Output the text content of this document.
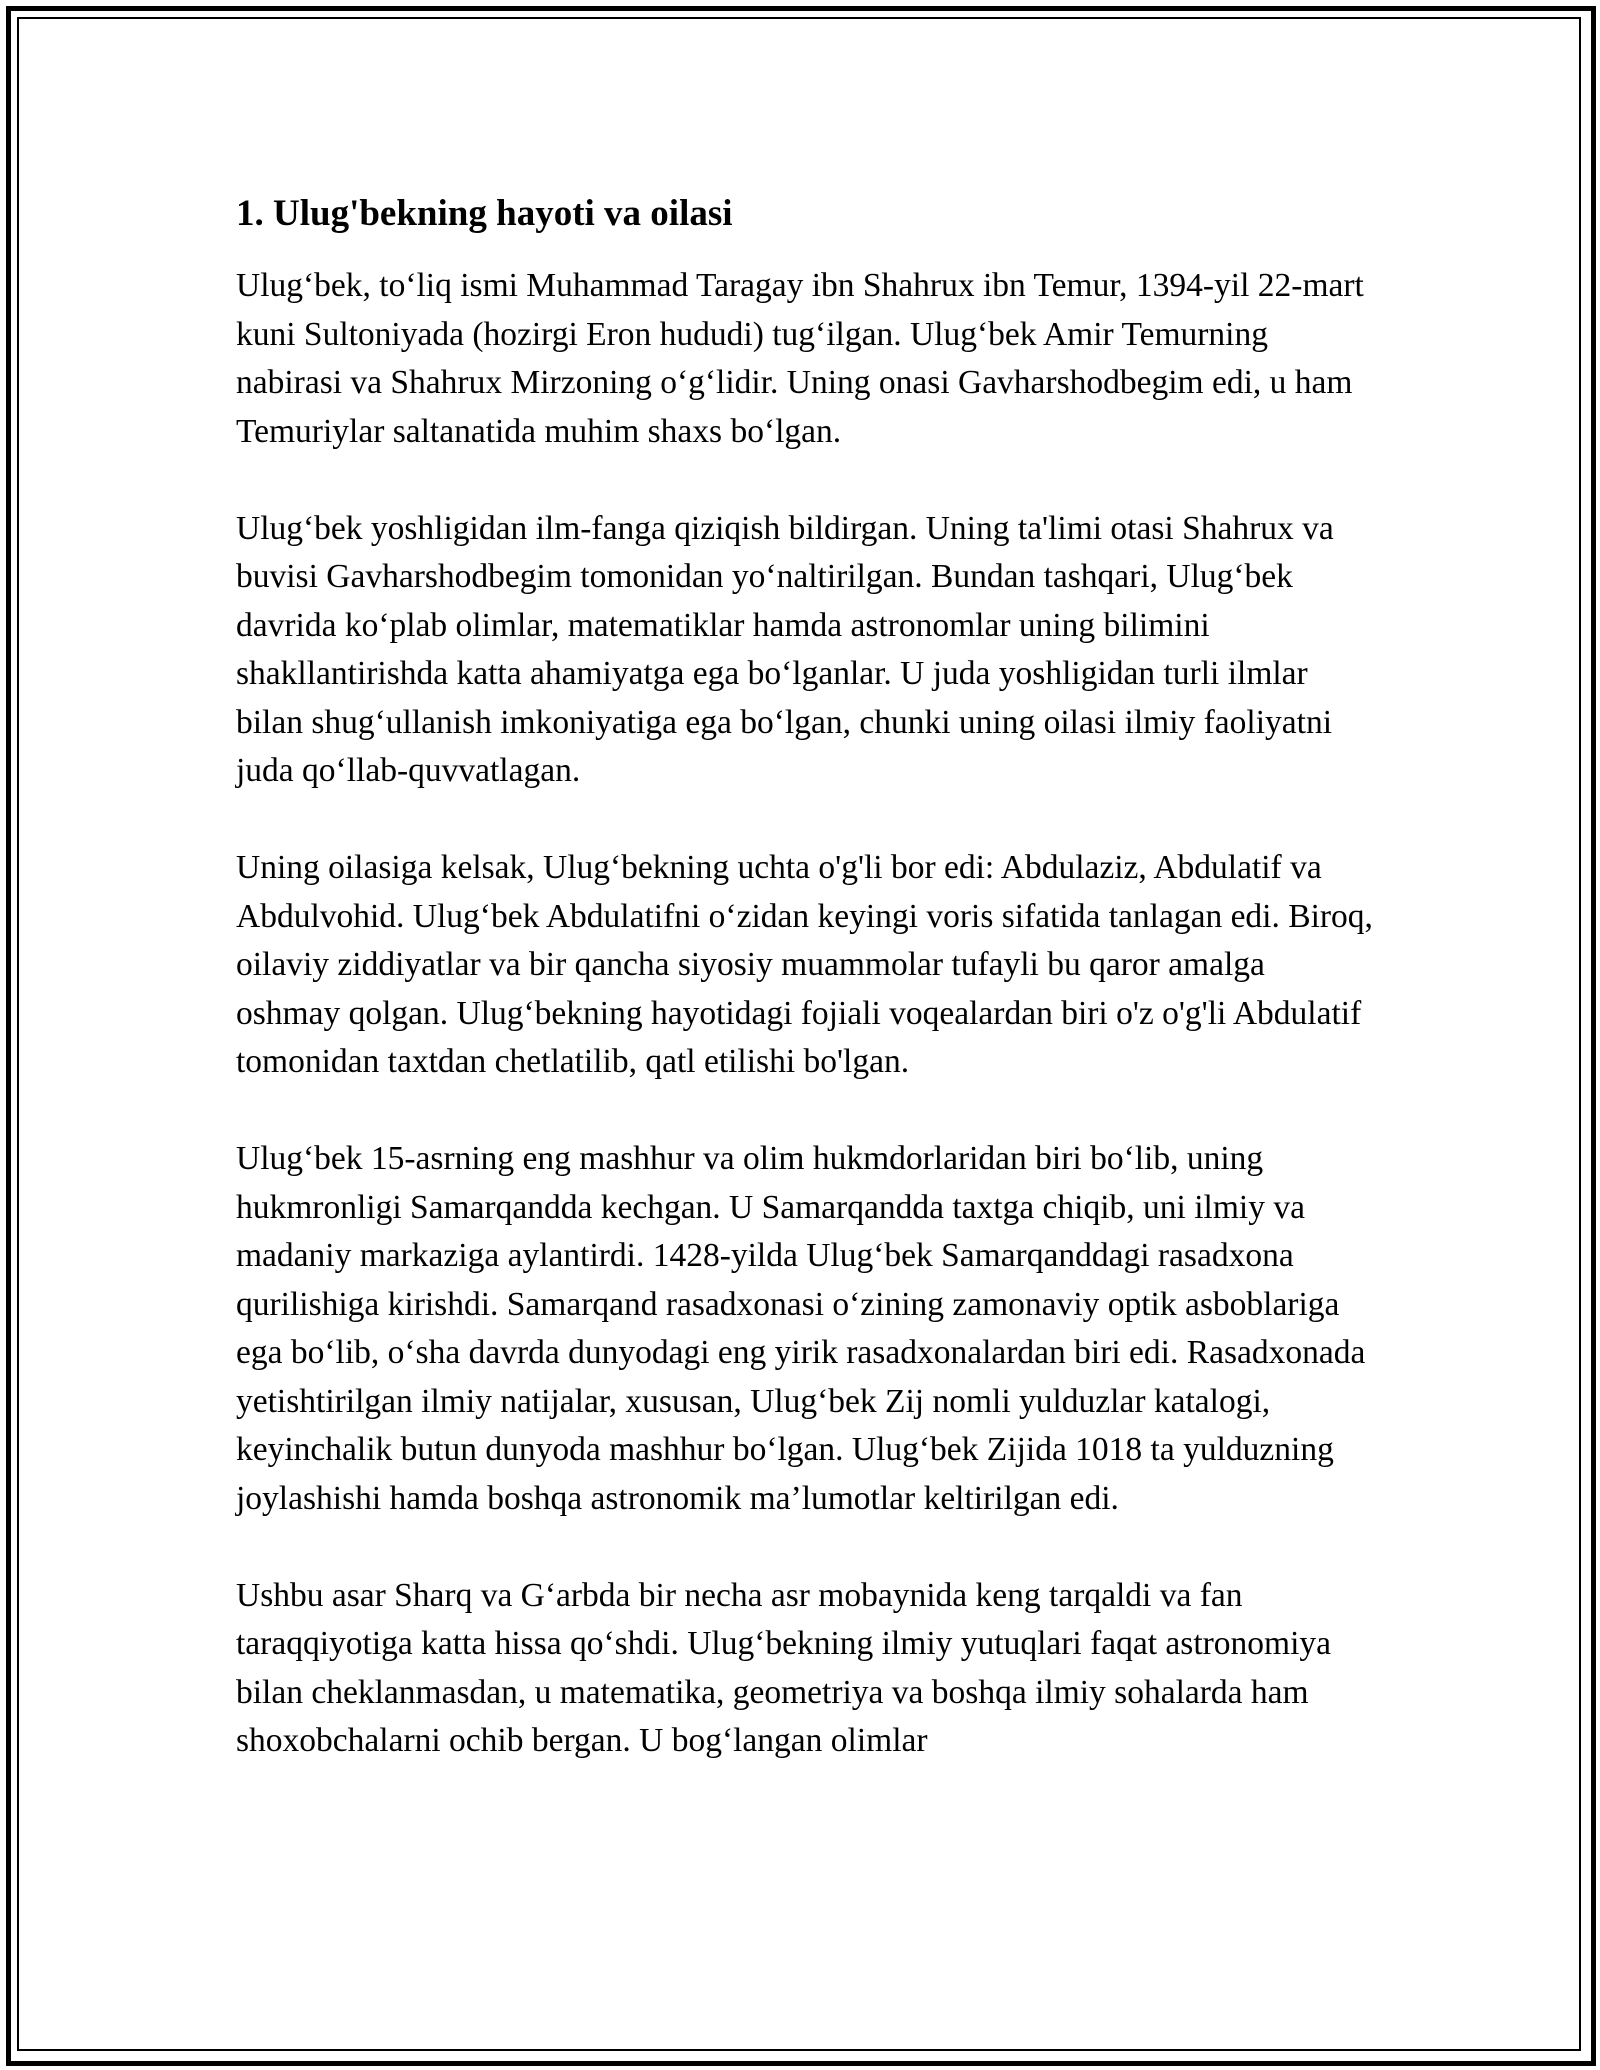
1. Ulug'bekning hayoti va oilasi

Ulug‘bek, to‘liq ismi Muhammad Taragay ibn Shahrux ibn Temur, 1394-yil 22-mart kuni Sultoniyada (hozirgi Eron hududi) tug‘ilgan. Ulug‘bek Amir Temurning nabirasi va Shahrux Mirzoning o‘g‘lidir. Uning onasi Gavharshodbegim edi, u ham Temuriylar saltanatida muhim shaxs bo‘lgan.

Ulug‘bek yoshligidan ilm-fanga qiziqish bildirgan. Uning ta'limi otasi Shahrux va buvisi Gavharshodbegim tomonidan yo‘naltirilgan. Bundan tashqari, Ulug‘bek davrida ko‘plab olimlar, matematiklar hamda astronomlar uning bilimini shakllantirishda katta ahamiyatga ega bo‘lganlar. U juda yoshligidan turli ilmlar bilan shug‘ullanish imkoniyatiga ega bo‘lgan, chunki uning oilasi ilmiy faoliyatni juda qo‘llab-quvvatlagan.

Uning oilasiga kelsak, Ulug‘bekning uchta o'g'li bor edi: Abdulaziz, Abdulatif va Abdulvohid. Ulug‘bek Abdulatifni o‘zidan keyingi voris sifatida tanlagan edi. Biroq, oilaviy ziddiyatlar va bir qancha siyosiy muammolar tufayli bu qaror amalga oshmay qolgan. Ulug‘bekning hayotidagi fojiali voqealardan biri o'z o'g'li Abdulatif tomonidan taxtdan chetlatilib, qatl etilishi bo'lgan.

Ulug‘bek 15-asrning eng mashhur va olim hukmdorlaridan biri bo‘lib, uning hukmronligi Samarqandda kechgan. U Samarqandda taxtga chiqib, uni ilmiy va madaniy markaziga aylantirdi. 1428-yilda Ulug‘bek Samarqanddagi rasadxona qurilishiga kirishdi. Samarqand rasadxonasi o‘zining zamonaviy optik asboblariga ega bo‘lib, o‘sha davrda dunyodagi eng yirik rasadxonalardan biri edi. Rasadxonada yetishtirilgan ilmiy natijalar, xususan, Ulug‘bek Zij nomli yulduzlar katalogi, keyinchalik butun dunyoda mashhur bo‘lgan. Ulug‘bek Zijida 1018 ta yulduzning joylashishi hamda boshqa astronomik ma’lumotlar keltirilgan edi.

Ushbu asar Sharq va G‘arbda bir necha asr mobaynida keng tarqaldi va fan taraqqiyotiga katta hissa qo‘shdi. Ulug‘bekning ilmiy yutuqlari faqat astronomiya bilan cheklanmasdan, u matematika, geometriya va boshqa ilmiy sohalarda ham shoxobchalarni ochib bergan. U bog‘langan olimlar
